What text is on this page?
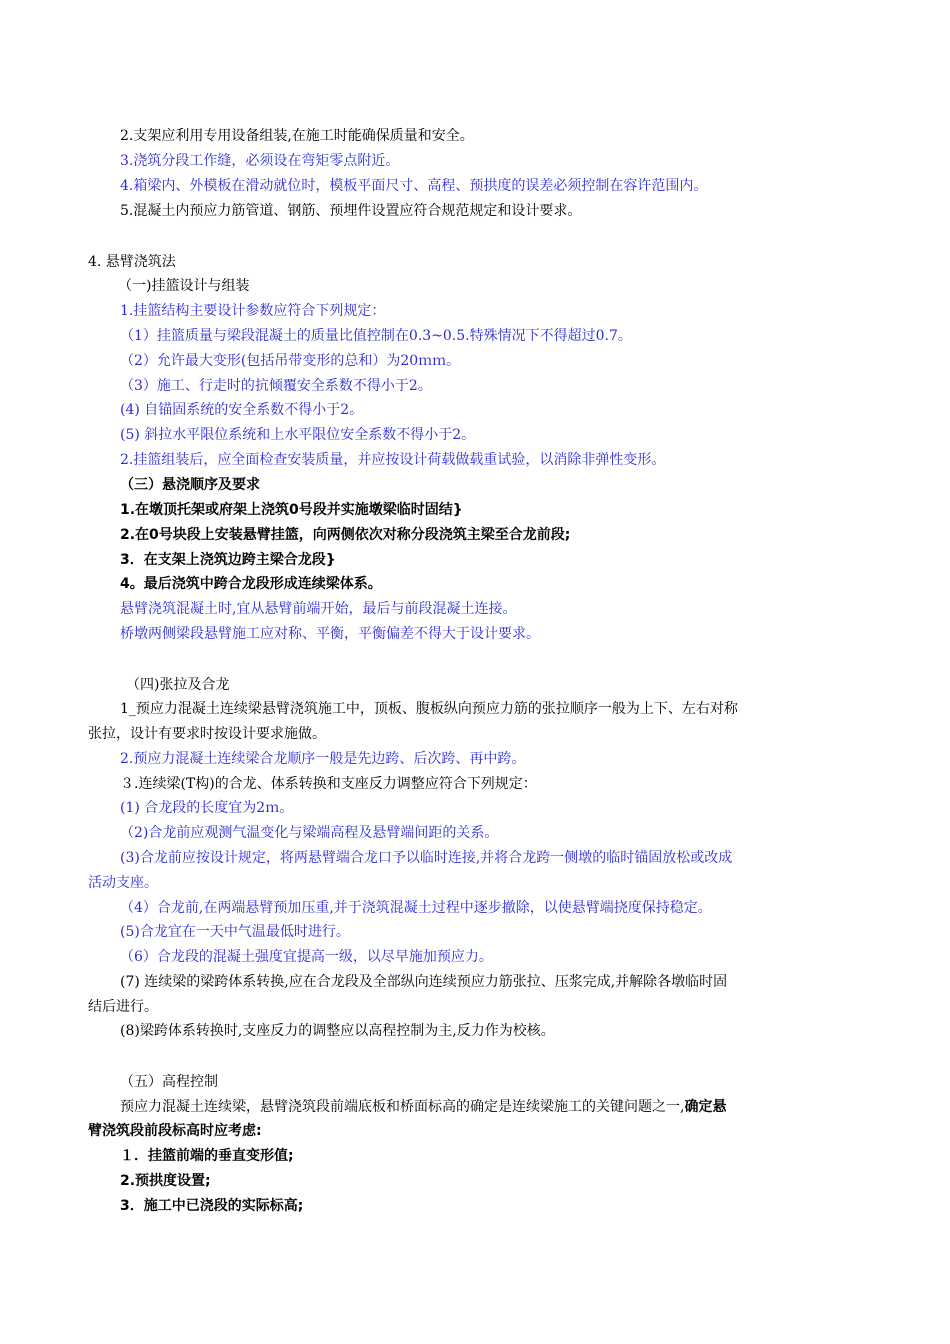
2.支架应利用专用设备组装,在施工时能确保质量和安全。
3.浇筑分段工作缝，必须设在弯矩零点附近。
4.箱梁内、外模板在滑动就位时，模板平面尺寸、高程、预拱度的误差必须控制在容许范围内。
5.混凝土内预应力筋管道、钢筋、预埋件设置应符合规范规定和设计要求。
4. 悬臂浇筑法
（一)挂篮设计与组装
1.挂篮结构主要设计参数应符合下列规定：
（1）挂篮质量与梁段混凝土的质量比值控制在0.3~0.5.特殊情况下不得超过0.7。
（2）允许最大变形(包括吊带变形的总和）为20ｍｍ。
（3）施工、行走时的抗倾覆安全系数不得小于2。
(4) 自锚固系统的安全系数不得小于2。
(5) 斜拉水平限位系统和上水平限位安全系数不得小于2。
2.挂篮组装后，应全面检查安装质量，并应按设计荷载做载重试验，以消除非弹性变形。
（三）悬浇顺序及要求
1.在墩顶托架或府架上浇筑0号段并实施墩梁临时固结}
2.在0号块段上安装悬臂挂篮，向两侧依次对称分段浇筑主梁至合龙前段;
3．在支架上浇筑边跨主梁合龙段}
4。最后浇筑中跨合龙段形成连续梁体系。
悬臂浇筑混凝土时,宜从悬臂前端开始，最后与前段混凝土连接。
桥墩两侧梁段悬臂施工应对称、平衡，平衡偏差不得大于设计要求。
（四)张拉及合龙
1_预应力混凝土连续梁悬臂浇筑施工中，顶板、腹板纵向预应力筋的张拉顺序一般为上下、左右对称
张拉，设计有要求时按设计要求施做。
2.预应力混凝土连续梁合龙顺序一般是先边跨、后次跨、再中跨。
３.连续梁(T构)的合龙、体系转换和支座反力调整应符合下列规定：
(1) 合龙段的长度宜为2ｍ。
（2)合龙前应观测气温变化与梁端高程及悬臂端间距的关系。
(3)合龙前应按设计规定，将两悬臂端合龙口予以临时连接,并将合龙跨一侧墩的临时锚固放松或改成
活动支座。
（4）合龙前,在两端悬臂预加压重,并于浇筑混凝土过程中逐步撤除，以使悬臂端挠度保持稳定。
(5)合龙宜在一天中气温最低时进行。
（6）合龙段的混凝土强度宜提高一级，以尽早施加预应力。
(7) 连续梁的梁跨体系转换,应在合龙段及全部纵向连续预应力筋张拉、压浆完成,并解除各墩临时固
结后进行。
(8)梁跨体系转换时,支座反力的调整应以高程控制为主,反力作为校核。
（五）高程控制
预应力混凝土连续梁，悬臂浇筑段前端底板和桥面标高的确定是连续梁施工的关键问题之一,确定悬
臂浇筑段前段标高时应考虑:
１．挂篮前端的垂直变形值;
2.预拱度设置;
3．施工中已浇段的实际标高;
